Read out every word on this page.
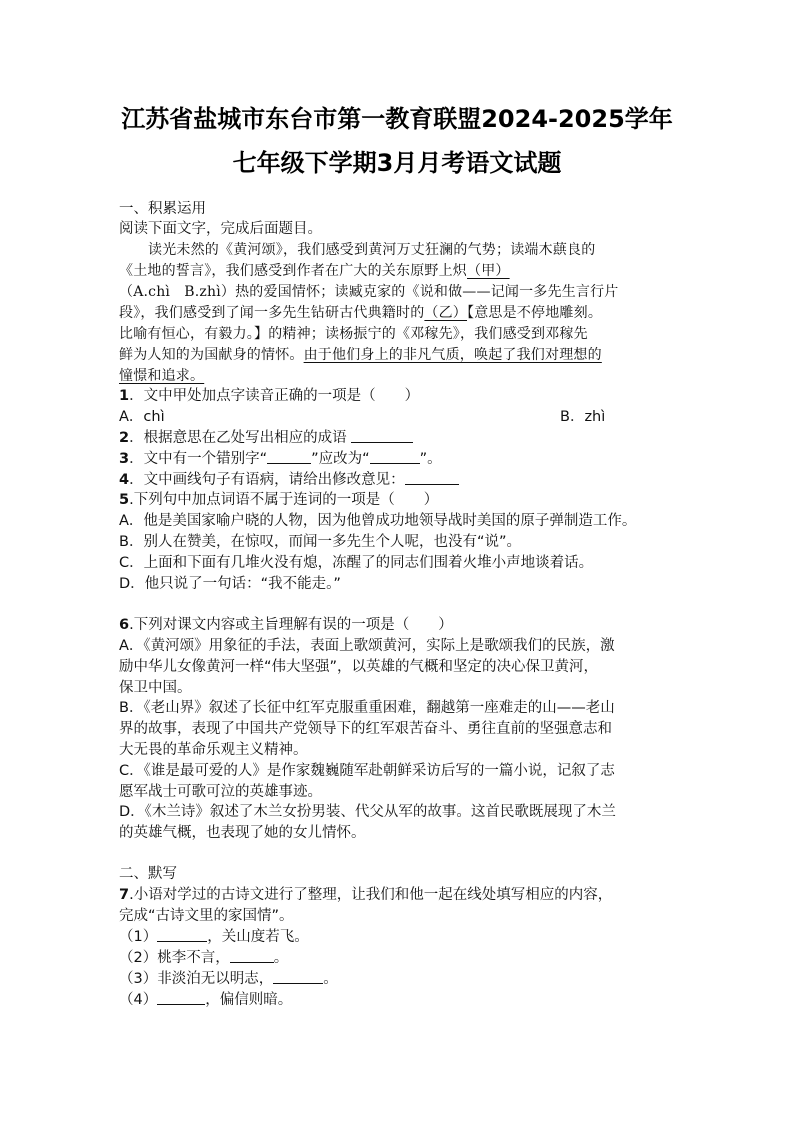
江苏省盐城市东台市第一教育联盟2024-2025学年
七年级下学期3月月考语文试题
一、积累运用
阅读下面文字，完成后面题目。
读光未然的《黄河颂》，我们感受到黄河万丈狂澜的气势；读端木蕻良的
《土地的誓言》，我们感受到作者在广大的关东原野上炽（甲）
（A.chì　B.zhì）热的爱国情怀；读臧克家的《说和做——记闻一多先生言行片
段》，我们感受到了闻一多先生钻研古代典籍时的（乙）【意思是不停地雕刻。
比喻有恒心，有毅力。】的精神；读杨振宁的《邓稼先》，我们感受到邓稼先
鲜为人知的为国献身的情怀。由于他们身上的非凡气质，唤起了我们对理想的
憧憬和追求。
1．文中甲处加点字读音正确的一项是（　　）
A．chì	B．zhì
2．根据意思在乙处写出相应的成语
3．文中有一个错别字“	”应改为“	”。
4．文中画线句子有语病，请给出修改意见：
5.下列句中加点词语不属于连词的一项是（　　）
A．他是美国家喻户晓的人物，因为他曾成功地领导战时美国的原子弹制造工作。
B．别人在赞美，在惊叹，而闻一多先生个人呢，也没有“说”。
C．上面和下面有几堆火没有熄，冻醒了的同志们围着火堆小声地谈着话。
D．他只说了一句话：“我不能走。”
6.下列对课文内容或主旨理解有误的一项是（　　）
A．《黄河颂》用象征的手法，表面上歌颂黄河，实际上是歌颂我们的民族，激
励中华儿女像黄河一样“伟大坚强”，以英雄的气概和坚定的决心保卫黄河，
保卫中国。
B．《老山界》叙述了长征中红军克服重重困难，翻越第一座难走的山——老山
界的故事，表现了中国共产党领导下的红军艰苦奋斗、勇往直前的坚强意志和
大无畏的革命乐观主义精神。
C．《谁是最可爱的人》是作家魏巍随军赴朝鲜采访后写的一篇小说，记叙了志
愿军战士可歌可泣的英雄事迹。
D．《木兰诗》叙述了木兰女扮男装、代父从军的故事。这首民歌既展现了木兰
的英雄气概，也表现了她的女儿情怀。
二、默写
7.小语对学过的古诗文进行了整理，让我们和他一起在线处填写相应的内容，
完成“古诗文里的家国情”。
（1）	，关山度若飞。
（2）桃李不言，	。
（3）非淡泊无以明志，	。
（4）	，偏信则暗。
